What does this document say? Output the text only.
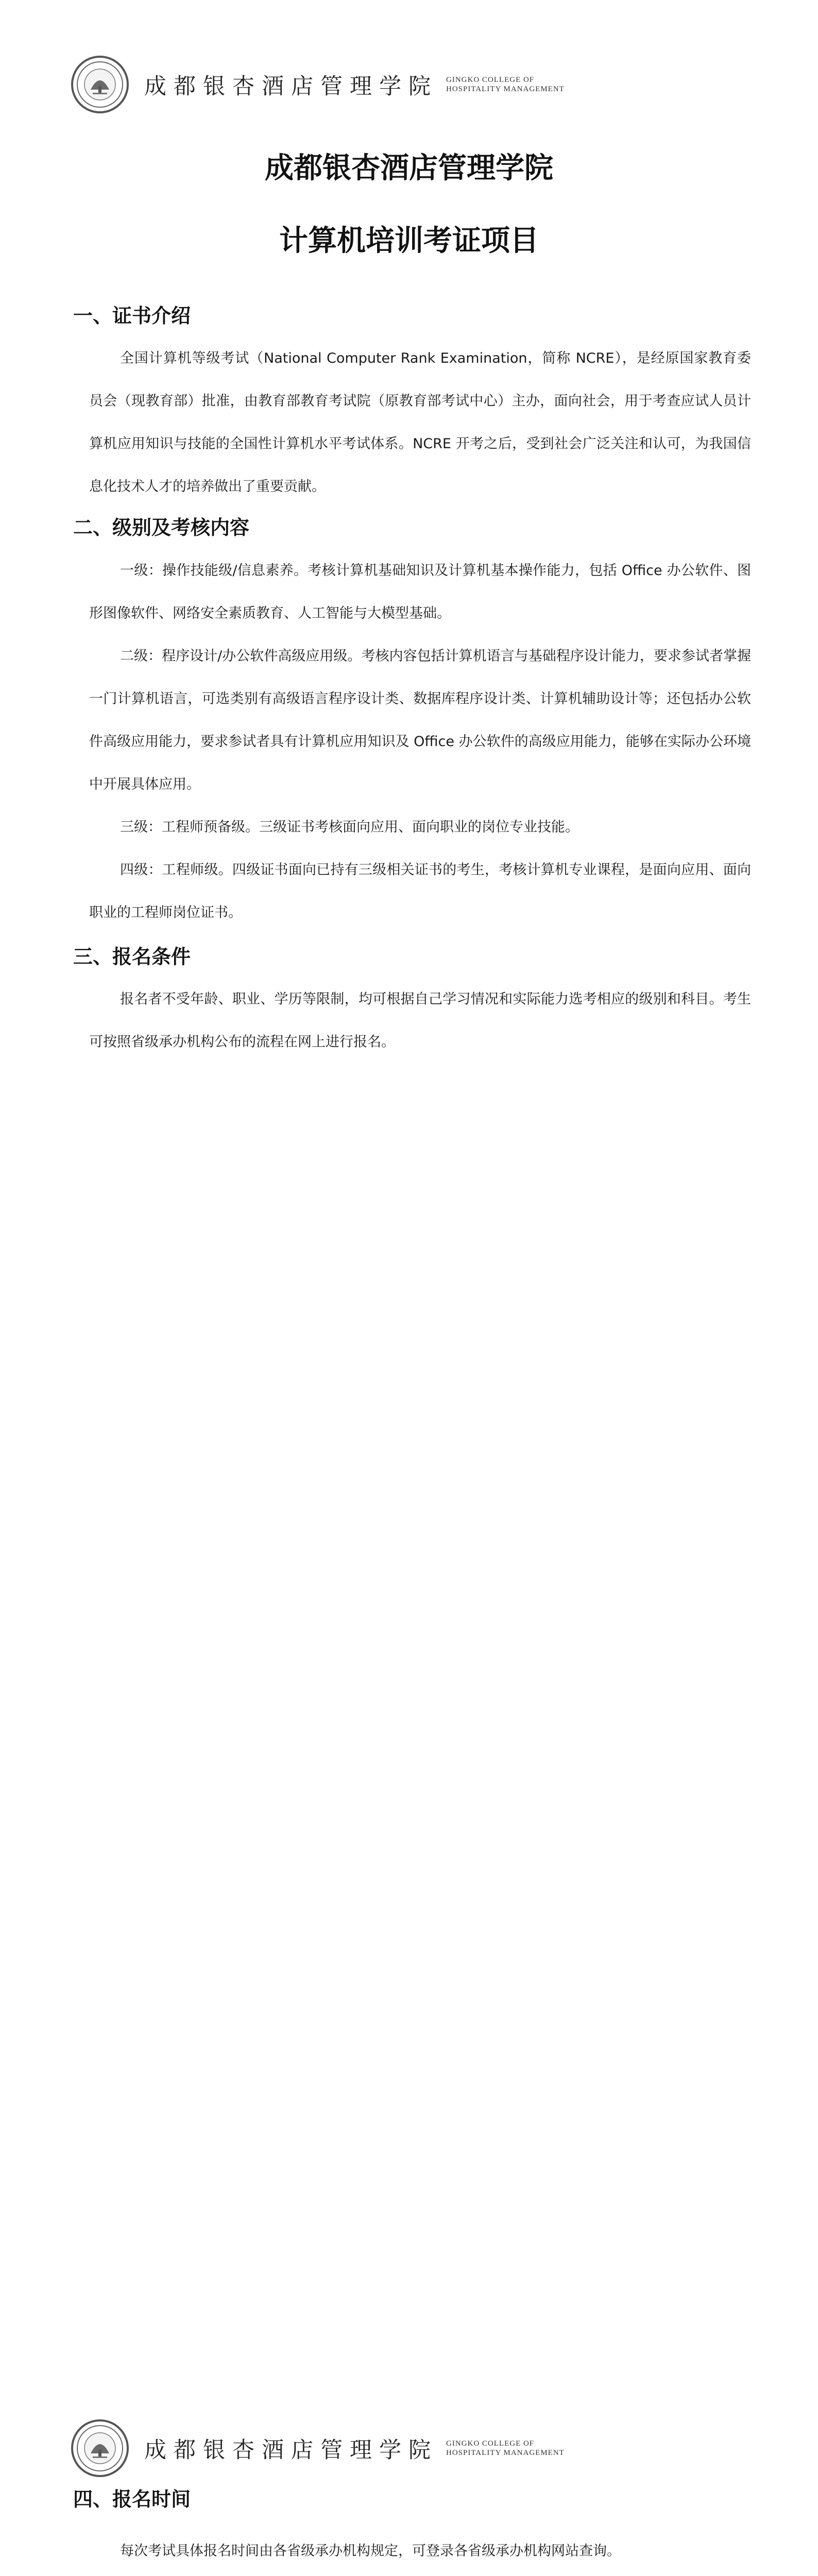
成都银杏酒店管理学院 GINGKO COLLEGE OF
HOSPITALITY MANAGEMENT
成都银杏酒店管理学院
计算机培训考证项目
一、证书介绍

全国计算机等级考试（National Computer Rank Examination，简称 NCRE），是经原国家教育委员会（现教育部）批准，由教育部教育考试院（原教育部考试中心）主办，面向社会，用于考查应试人员计算机应用知识与技能的全国性计算机水平考试体系。NCRE 开考之后，受到社会广泛关注和认可，为我国信息化技术人才的培养做出了重要贡献。

二、级别及考核内容

一级：操作技能级/信息素养。考核计算机基础知识及计算机基本操作能力，包括 Office 办公软件、图形图像软件、网络安全素质教育、人工智能与大模型基础。

二级：程序设计/办公软件高级应用级。考核内容包括计算机语言与基础程序设计能力，要求参试者掌握一门计算机语言，可选类别有高级语言程序设计类、数据库程序设计类、计算机辅助设计等；还包括办公软件高级应用能力，要求参试者具有计算机应用知识及 Office 办公软件的高级应用能力，能够在实际办公环境中开展具体应用。

三级：工程师预备级。三级证书考核面向应用、面向职业的岗位专业技能。

四级：工程师级。四级证书面向已持有三级相关证书的考生，考核计算机专业课程，是面向应用、面向职业的工程师岗位证书。

三、报名条件

报名者不受年龄、职业、学历等限制，均可根据自己学习情况和实际能力选考相应的级别和科目。考生可按照省级承办机构公布的流程在网上进行报名。

成都银杏酒店管理学院 GINGKO COLLEGE OF
HOSPITALITY MANAGEMENT
四、报名时间

每次考试具体报名时间由各省级承办机构规定，可登录各省级承办机构网站查询。
